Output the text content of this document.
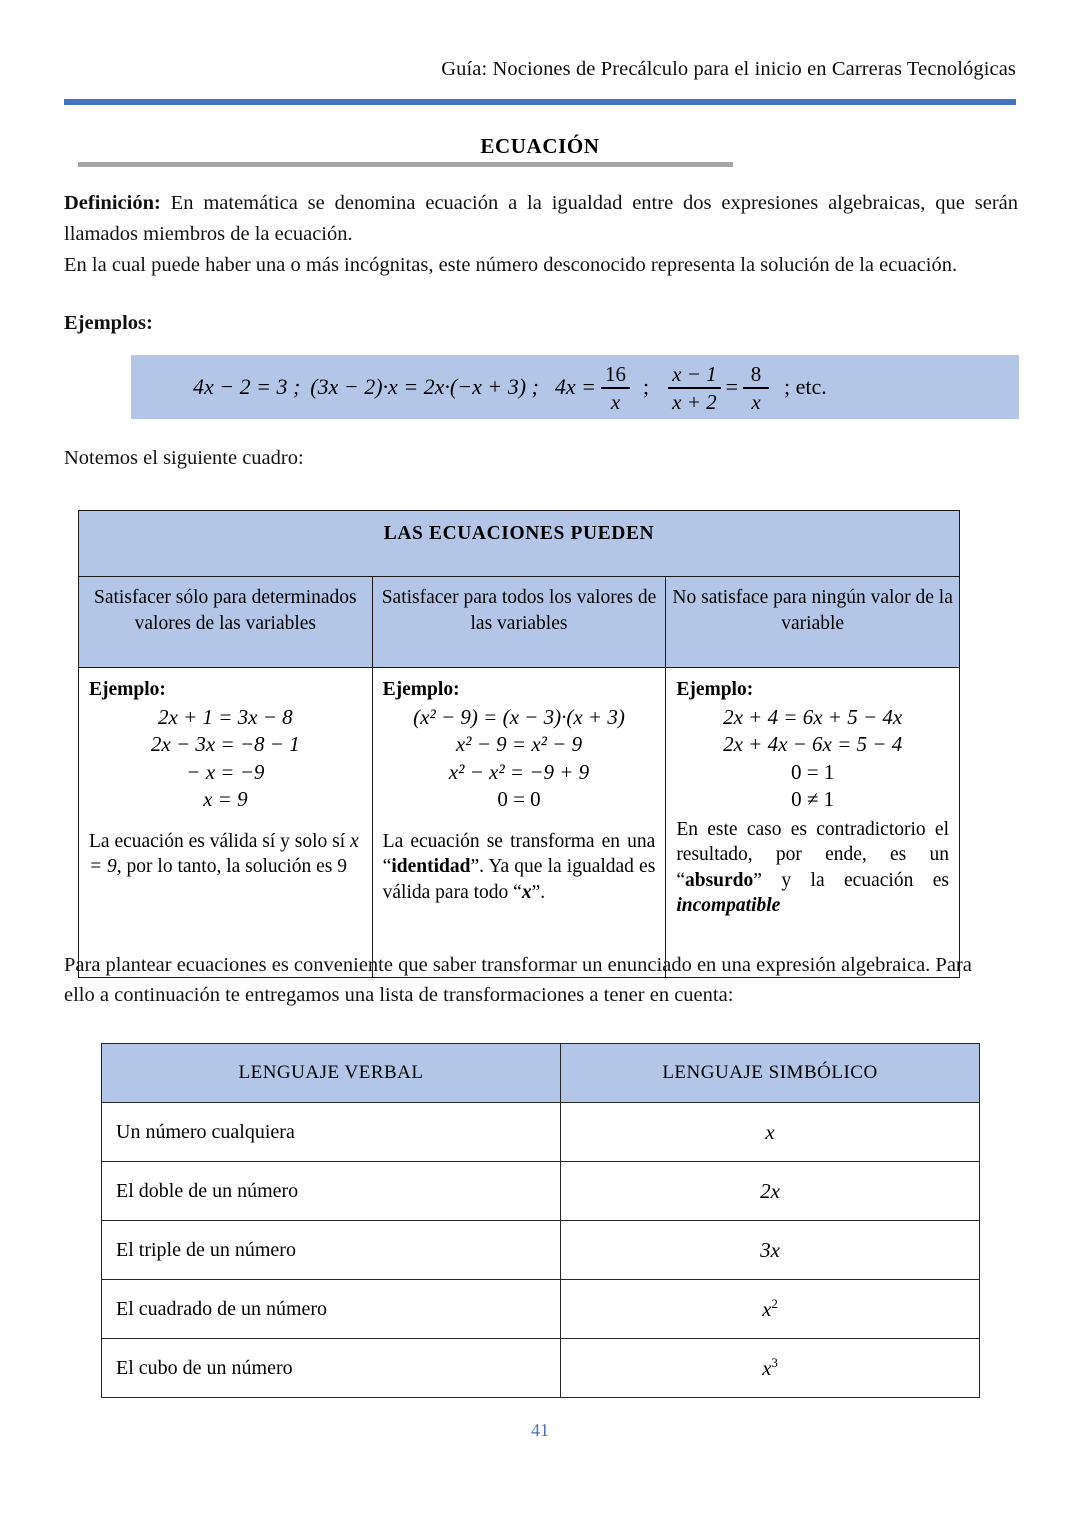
Guía: Nociones de Precálculo para el inicio en Carreras Tecnológicas
ECUACIÓN
Definición: En matemática se denomina ecuación a la igualdad entre dos expresiones algebraicas, que serán llamados miembros de la ecuación.
En la cual puede haber una o más incógnitas, este número desconocido representa la solución de la ecuación.
Ejemplos:
4x − 2 = 3 ; (3x − 2)·x = 2x·(−x + 3) ; $4x = \frac{16}{x}$ ; $\frac{x - 1}{x + 2} = \frac{8}{x}$ ; etc.
Notemos el siguiente cuadro:
LAS ECUACIONES PUEDEN		
Satisfacer sólo para determinados valores de las variables	Satisfacer para todos los valores de las variables	No satisface para ningún valor de la variable

Ejemplo:
2x + 1 = 3x − 8
2x − 3x = −8 − 1
− x = −9
x = 9
La ecuación es válida sí y solo sí x = 9, por lo tanto, la solución es 9

Ejemplo:
(x² − 9) = (x − 3)·(x + 3)
x² − 9 = x² − 9
x² − x² = −9 + 9
0 = 0
La ecuación se transforma en una “identidad”. Ya que la igualdad es válida para todo “x”.

Ejemplo:
2x + 4 = 6x + 5 − 4x
2x + 4x − 6x = 5 − 4
0 = 1
0 ≠ 1
En este caso es contradictorio el resultado, por ende, es un “absurdo” y la ecuación es incompatible
Para plantear ecuaciones es conveniente que saber transformar un enunciado en una expresión algebraica. Para ello a continuación te entregamos una lista de transformaciones a tener en cuenta:
LENGUAJE VERBAL	LENGUAJE SIMBÓLICO
Un número cualquiera	x
El doble de un número	2x
El triple de un número	3x
El cuadrado de un número	$x^2$
El cubo de un número	$x^3$
41
